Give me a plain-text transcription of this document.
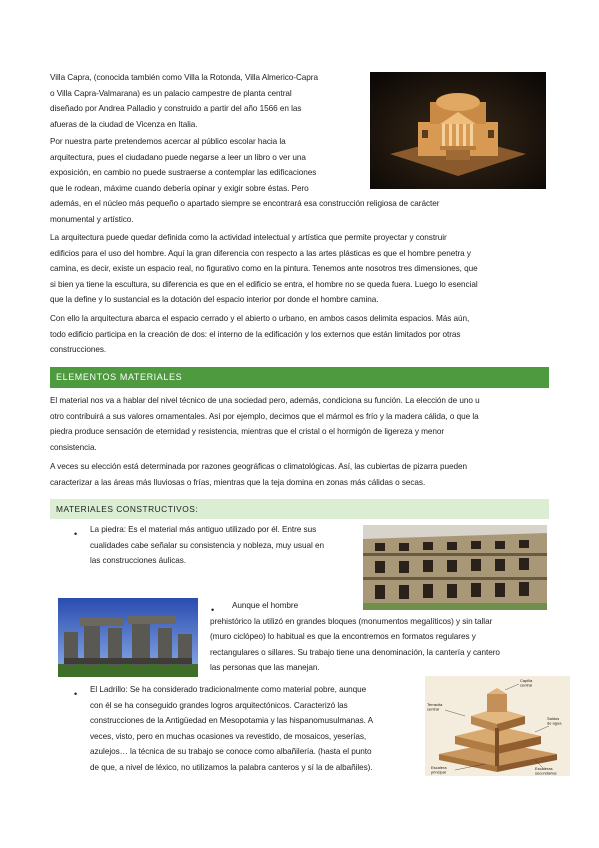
Villa Capra, (conocida también como Villa la Rotonda, Villa Almerico-Capra
o Villa Capra-Valmarana) es un palacio campestre de planta central
diseñado por Andrea Palladio y construido a partir del año 1566 en las
afueras de la ciudad de Vicenza en Italia.
Por nuestra parte pretendemos acercar al público escolar hacia la
arquitectura, pues el ciudadano puede negarse a leer un libro o ver una
exposición, en cambio no puede sustraerse a contemplar las edificaciones
que le rodean, máxime cuando debería opinar y exigir sobre éstas. Pero
además, en el núcleo más pequeño o apartado siempre se encontrará esa construcción religiosa de carácter
monumental y artístico.
La arquitectura puede quedar definida como la actividad intelectual y artística que permite proyectar y construir
edificios para el uso del hombre. Aquí la gran diferencia con respecto a las artes plásticas es que el hombre penetra y
camina, es decir, existe un espacio real, no figurativo como en la pintura. Tenemos ante nosotros tres dimensiones, que
si bien ya tiene la escultura, su diferencia es que en el edificio se entra, el hombre no se queda fuera. Luego lo esencial
que la define y lo sustancial es la dotación del espacio interior por donde el hombre camina.
Con ello la arquitectura abarca el espacio cerrado y el abierto o urbano, en ambos casos delimita espacios. Más aún,
todo edificio participa en la creación de dos: el interno de la edificación y los externos que están limitados por otras
construcciones.
ELEMENTOS MATERIALES
El material nos va a hablar del nivel técnico de una sociedad pero, además, condiciona su función. La elección de uno u
otro contribuirá a sus valores ornamentales. Así por ejemplo, decimos que el mármol es frío y la madera cálida, o que la
piedra produce sensación de eternidad y resistencia, mientras que el cristal o el hormigón de ligereza y menor
consistencia.
A veces su elección está determinada por razones geográficas o climatológicas. Así, las cubiertas de pizarra pueden
caracterizar a las áreas más lluviosas o frías, mientras que la teja domina en zonas más cálidas o secas.
MATERIALES CONSTRUCTIVOS:
• La piedra: Es el material más antiguo utilizado por él. Entre sus
cualidades cabe señalar su consistencia y nobleza, muy usual en
las construcciones áulicas.
•	Aunque el hombre
prehistórico la utilizó en grandes bloques (monumentos megalíticos) y sin tallar
(muro ciclópeo) lo habitual es que la encontremos en formatos regulares y
rectangulares o sillares. Su trabajo tiene una denominación, la cantería y cantero
las personas que las manejan.
• El Ladrillo: Se ha considerado tradicionalmente como material pobre, aunque
con él se ha conseguido grandes logros arquitectónicos. Caracterizó las
construcciones de la Antigüedad en Mesopotamia y las hispanomusulmanas. A
veces, visto, pero en muchas ocasiones va revestido, de mosaicos, yeserías,
azulejos… la técnica de su trabajo se conoce como albañilería. (hasta el punto
de que, a nivel de léxico, no utilizamos la palabra canteros y sí la de albañiles).
Capilla
central
Terracita
central
Saldos
de agua
Escalera
principal
Escaleras
secundarias
